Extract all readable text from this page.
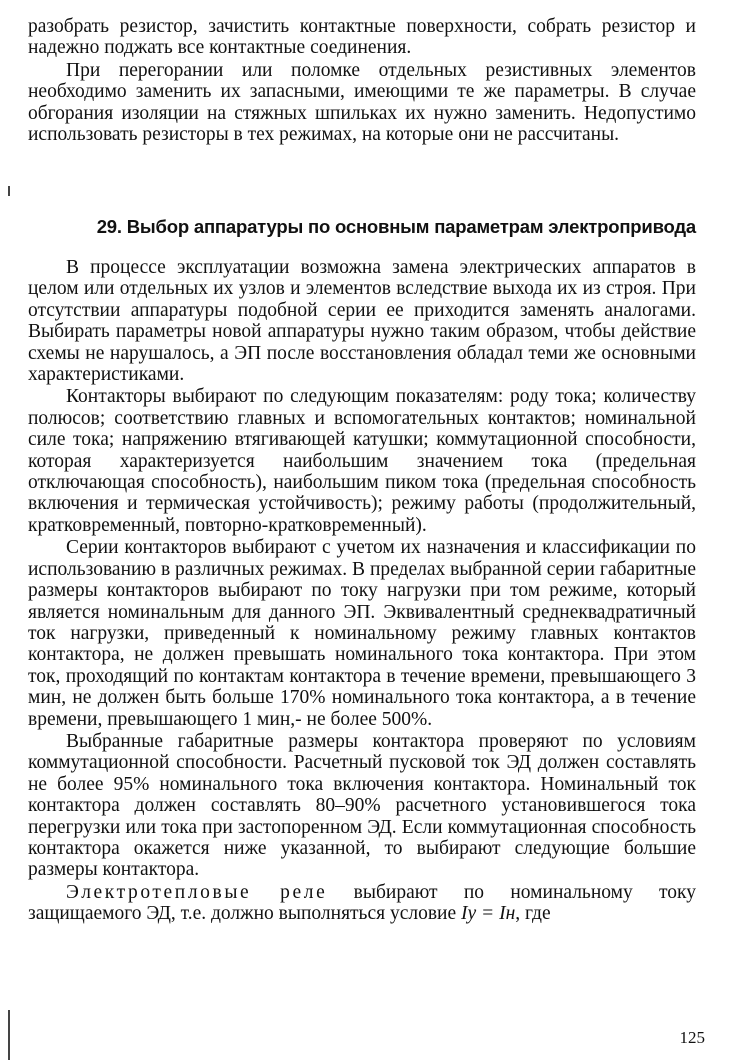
разобрать резистор, зачистить контактные поверхности, собрать резистор и надежно поджать все контактные соединения.

При перегорании или поломке отдельных резистивных элементов необходимо заменить их запасными, имеющими те же параметры. В случае обгорания изоляции на стяжных шпильках их нужно заменить. Недопустимо использовать резисторы в тех режимах, на которые они не рассчитаны.

29. Выбор аппаратуры по основным параметрам электропривода

В процессе эксплуатации возможна замена электрических аппаратов в целом или отдельных их узлов и элементов вследствие выхода их из строя. При отсутствии аппаратуры подобной серии ее приходится заменять аналогами. Выбирать параметры новой аппаратуры нужно таким образом, чтобы действие схемы не нарушалось, а ЭП после восстановления обладал теми же основными характеристиками.

Контакторы выбирают по следующим показателям: роду тока; количеству полюсов; соответствию главных и вспомогательных контактов; номинальной силе тока; напряжению втягивающей катушки; коммутационной способности, которая характеризуется наибольшим значением тока (предельная отключающая способность), наибольшим пиком тока (предельная способность включения и термическая устойчивость); режиму работы (продолжительный, кратковременный, повторно-кратковременный).

Серии контакторов выбирают с учетом их назначения и классификации по использованию в различных режимах. В пределах выбранной серии габаритные размеры контакторов выбирают по току нагрузки при том режиме, который является номинальным для данного ЭП. Эквивалентный среднеквадратичный ток нагрузки, приведенный к номинальному режиму главных контактов контактора, не должен превышать номинального тока контактора. При этом ток, проходящий по контактам контактора в течение времени, превышающего 3 мин, не должен быть больше 170% номинального тока контактора, а в течение времени, превышающего 1 мин,- не более 500%.

Выбранные габаритные размеры контактора проверяют по условиям коммутационной способности. Расчетный пусковой ток ЭД должен составлять не более 95% номинального тока включения контактора. Номинальный ток контактора должен составлять 80–90% расчетного установившегося тока перегрузки или тока при застопоренном ЭД. Если коммутационная способность контактора окажется ниже указанной, то выбирают следующие большие размеры контактора.

Электротепловые реле выбирают по номинальному току защищаемого ЭД, т.е. должно выполняться условие Iу = Iн, где

125
